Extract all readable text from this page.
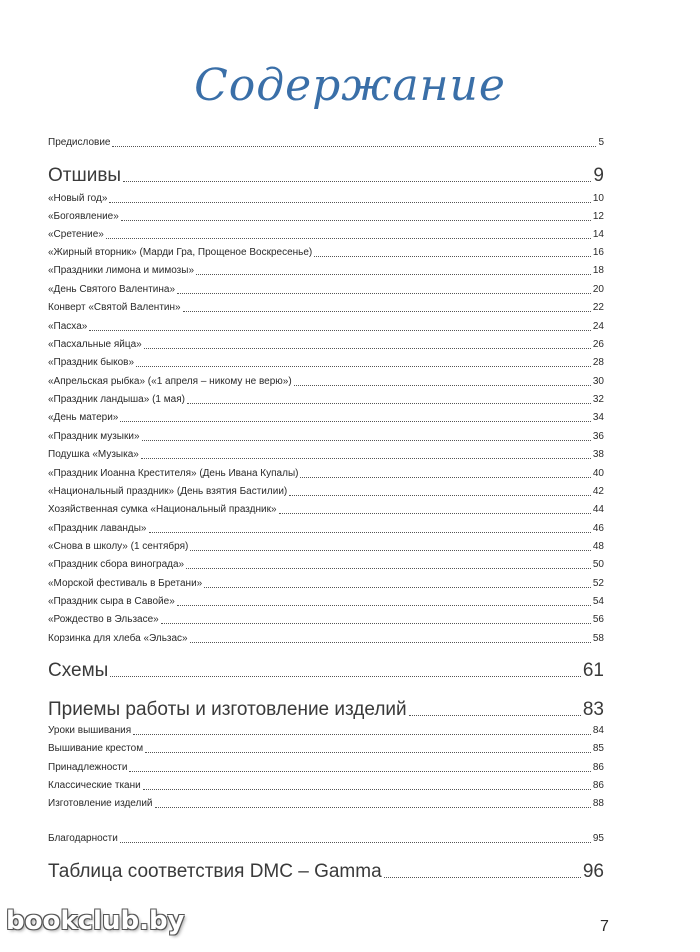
Содержание
Предисловие	5
Отшивы	9
«Новый год»	10
«Богоявление»	12
«Сретение»	14
«Жирный вторник» (Марди Гра, Прощеное Воскресенье)	16
«Праздники лимона и мимозы»	18
«День Святого Валентина»	20
Конверт «Святой Валентин»	22
«Пасха»	24
«Пасхальные яйца»	26
«Праздник быков»	28
«Апрельская рыбка» («1 апреля – никому не верю»)	30
«Праздник ландыша» (1 мая)	32
«День матери»	34
«Праздник музыки»	36
Подушка «Музыка»	38
«Праздник Иоанна Крестителя» (День Ивана Купалы)	40
«Национальный праздник» (День взятия Бастилии)	42
Хозяйственная сумка «Национальный праздник»	44
«Праздник лаванды»	46
«Снова в школу» (1 сентября)	48
«Праздник сбора винограда»	50
«Морской фестиваль в Бретани»	52
«Праздник сыра в Савойе»	54
«Рождество в Эльзасе»	56
Корзинка для хлеба «Эльзас»	58
Схемы	61
Приемы работы и изготовление изделий	83
Уроки вышивания	84
Вышивание крестом	85
Принадлежности	86
Классические ткани	86
Изготовление изделий	88
Благодарности	95
Таблица соответствия DMC – Gamma	96
7
bookclub.by
